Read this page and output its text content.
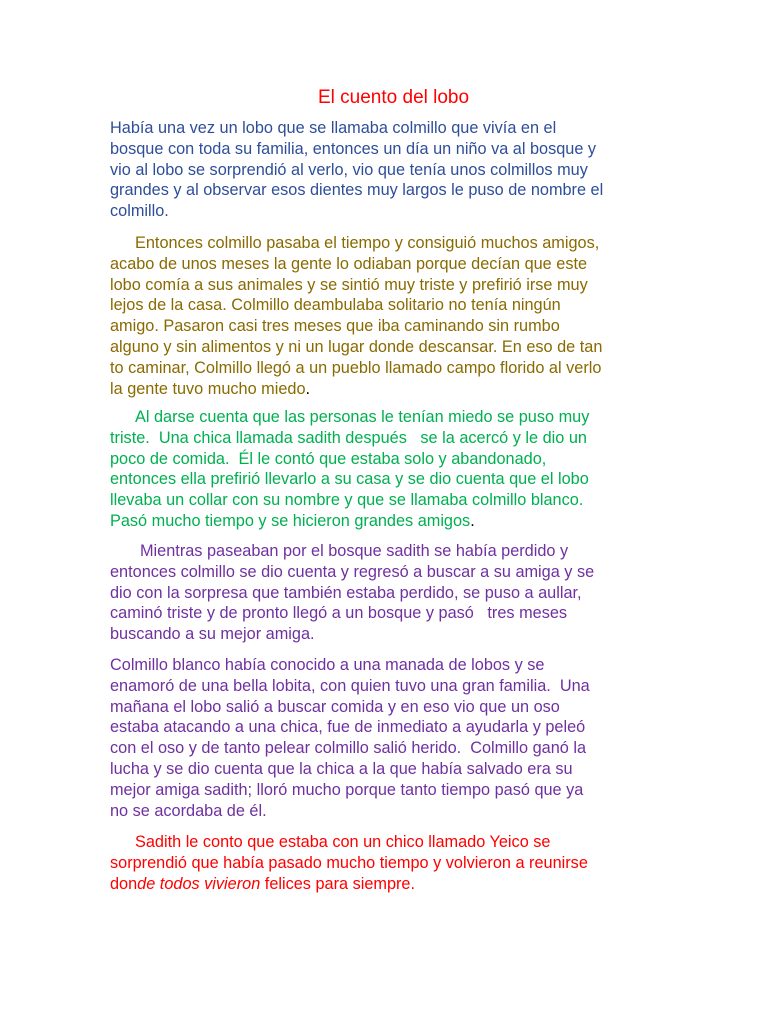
El cuento del lobo

Había una vez un lobo que se llamaba colmillo que vivía en el
bosque con toda su familia, entonces un día un niño va al bosque y
vio al lobo se sorprendió al verlo, vio que tenía unos colmillos muy
grandes y al observar esos dientes muy largos le puso de nombre el
colmillo.

Entonces colmillo pasaba el tiempo y consiguió muchos amigos,
acabo de unos meses la gente lo odiaban porque decían que este
lobo comía a sus animales y se sintió muy triste y prefirió irse muy
lejos de la casa. Colmillo deambulaba solitario no tenía ningún
amigo. Pasaron casi tres meses que iba caminando sin rumbo
alguno y sin alimentos y ni un lugar donde descansar. En eso de tan
to caminar, Colmillo llegó a un pueblo llamado campo florido al verlo
la gente tuvo mucho miedo.

Al darse cuenta que las personas le tenían miedo se puso muy
triste.  Una chica llamada sadith después   se la acercó y le dio un
poco de comida.  Él le contó que estaba solo y abandonado,
entonces ella prefirió llevarlo a su casa y se dio cuenta que el lobo
llevaba un collar con su nombre y que se llamaba colmillo blanco.
Pasó mucho tiempo y se hicieron grandes amigos.

Mientras paseaban por el bosque sadith se había perdido y
entonces colmillo se dio cuenta y regresó a buscar a su amiga y se
dio con la sorpresa que también estaba perdido, se puso a aullar,
caminó triste y de pronto llegó a un bosque y pasó   tres meses
buscando a su mejor amiga.

Colmillo blanco había conocido a una manada de lobos y se
enamoró de una bella lobita, con quien tuvo una gran familia.  Una
mañana el lobo salió a buscar comida y en eso vio que un oso
estaba atacando a una chica, fue de inmediato a ayudarla y peleó
con el oso y de tanto pelear colmillo salió herido.  Colmillo ganó la
lucha y se dio cuenta que la chica a la que había salvado era su
mejor amiga sadith; lloró mucho porque tanto tiempo pasó que ya
no se acordaba de él.

Sadith le conto que estaba con un chico llamado Yeico se
sorprendió que había pasado mucho tiempo y volvieron a reunirse
donde todos vivieron felices para siempre.
